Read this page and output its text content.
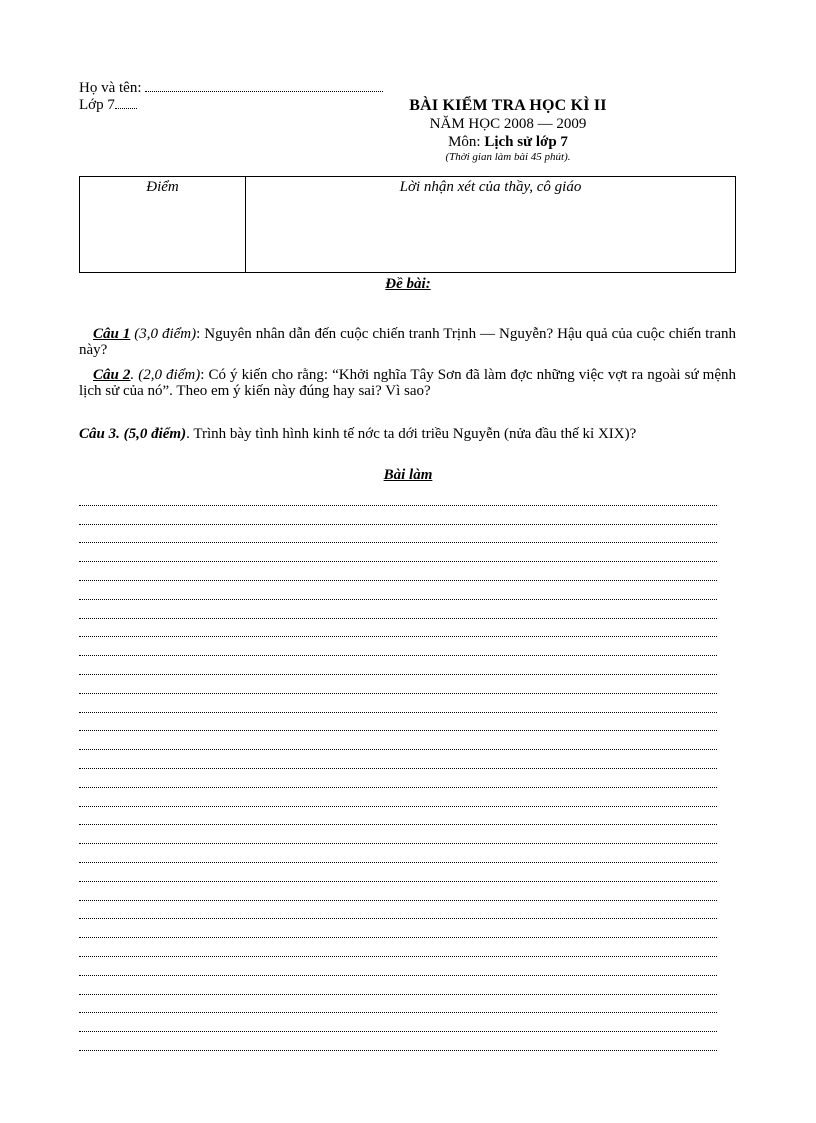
Họ và tên:
Lớp 7	BÀI KIỂM TRA HỌC KÌ II
NĂM HỌC 2008 — 2009
Môn: Lịch sử lớp 7
(Thời gian làm bài 45 phút).
Điểm	Lời nhận xét của thầy, cô giáo
Đề bài:
Câu 1 (3,0 điểm): Nguyên nhân dẫn đến cuộc chiến tranh Trịnh — Nguyễn? Hậu quả của cuộc chiến tranh này?
Câu 2. (2,0 điểm): Có ý kiến cho rằng: “Khởi nghĩa Tây Sơn đã làm đợc những việc vợt ra ngoài sứ mệnh lịch sử của nó”. Theo em ý kiến này đúng hay sai? Vì sao?
Câu 3. (5,0 điểm). Trình bày tình hình kinh tế nớc ta dới triều Nguyễn (nửa đầu thế kỉ XIX)?
Bài làm
